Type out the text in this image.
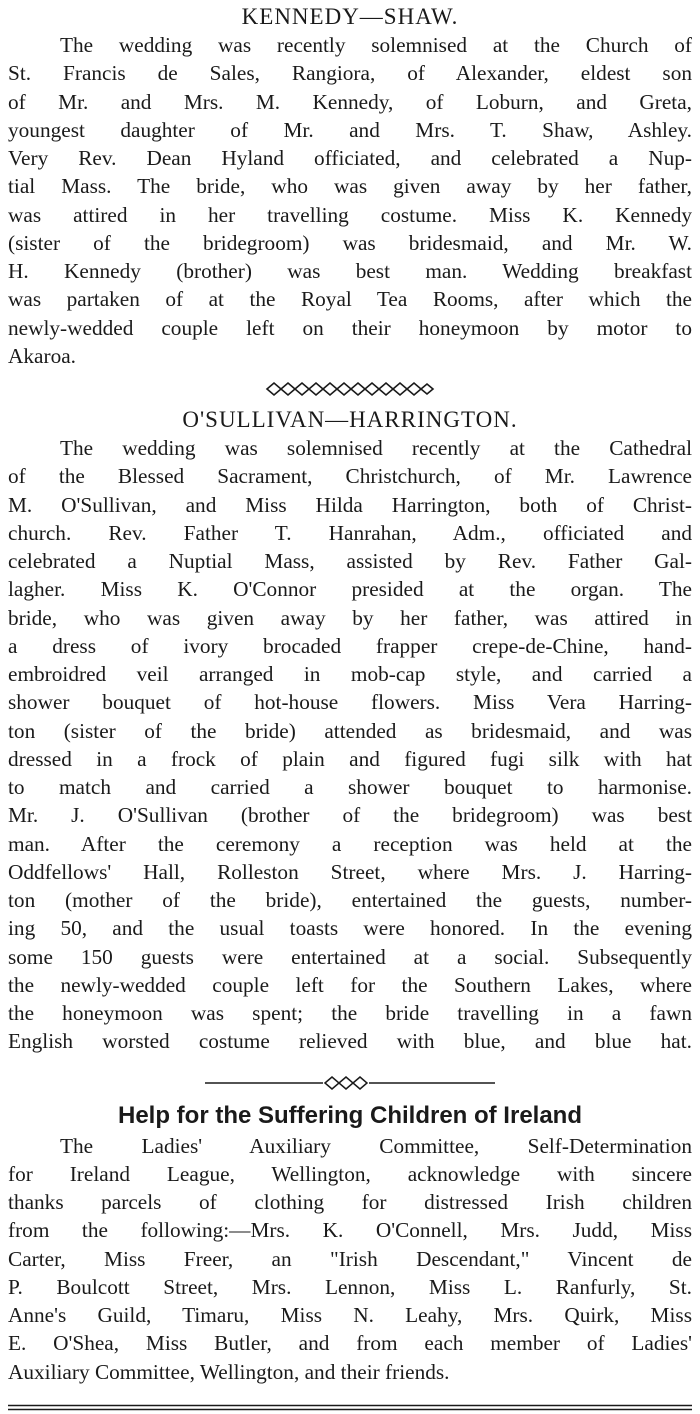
KENNEDY—SHAW.
The wedding was recently solemnised at the Church of
St. Francis de Sales, Rangiora, of Alexander, eldest son
of Mr. and Mrs. M. Kennedy, of Loburn, and Greta,
youngest daughter of Mr. and Mrs. T. Shaw, Ashley.
Very Rev. Dean Hyland officiated, and celebrated a Nup-
tial Mass. The bride, who was given away by her father,
was attired in her travelling costume. Miss K. Kennedy
(sister of the bridegroom) was bridesmaid, and Mr. W.
H. Kennedy (brother) was best man. Wedding breakfast
was partaken of at the Royal Tea Rooms, after which the
newly-wedded couple left on their honeymoon by motor to
Akaroa.
O'SULLIVAN—HARRINGTON.
The wedding was solemnised recently at the Cathedral
of the Blessed Sacrament, Christchurch, of Mr. Lawrence
M. O'Sullivan, and Miss Hilda Harrington, both of Christ-
church. Rev. Father T. Hanrahan, Adm., officiated and
celebrated a Nuptial Mass, assisted by Rev. Father Gal-
lagher. Miss K. O'Connor presided at the organ. The
bride, who was given away by her father, was attired in
a dress of ivory brocaded frapper crepe-de-Chine, hand-
embroidred veil arranged in mob-cap style, and carried a
shower bouquet of hot-house flowers. Miss Vera Harring-
ton (sister of the bride) attended as bridesmaid, and was
dressed in a frock of plain and figured fugi silk with hat
to match and carried a shower bouquet to harmonise.
Mr. J. O'Sullivan (brother of the bridegroom) was best
man. After the ceremony a reception was held at the
Oddfellows' Hall, Rolleston Street, where Mrs. J. Harring-
ton (mother of the bride), entertained the guests, number-
ing 50, and the usual toasts were honored. In the evening
some 150 guests were entertained at a social. Subsequently
the newly-wedded couple left for the Southern Lakes, where
the honeymoon was spent; the bride travelling in a fawn
English worsted costume relieved with blue, and blue hat.
Help for the Suffering Children of Ireland
The Ladies' Auxiliary Committee, Self-Determination
for Ireland League, Wellington, acknowledge with sincere
thanks parcels of clothing for distressed Irish children
from the following:—Mrs. K. O'Connell, Mrs. Judd, Miss
Carter, Miss Freer, an "Irish Descendant," Vincent de
P. Boulcott Street, Mrs. Lennon, Miss L. Ranfurly, St.
Anne's Guild, Timaru, Miss N. Leahy, Mrs. Quirk, Miss
E. O'Shea, Miss Butler, and from each member of Ladies'
Auxiliary Committee, Wellington, and their friends.
